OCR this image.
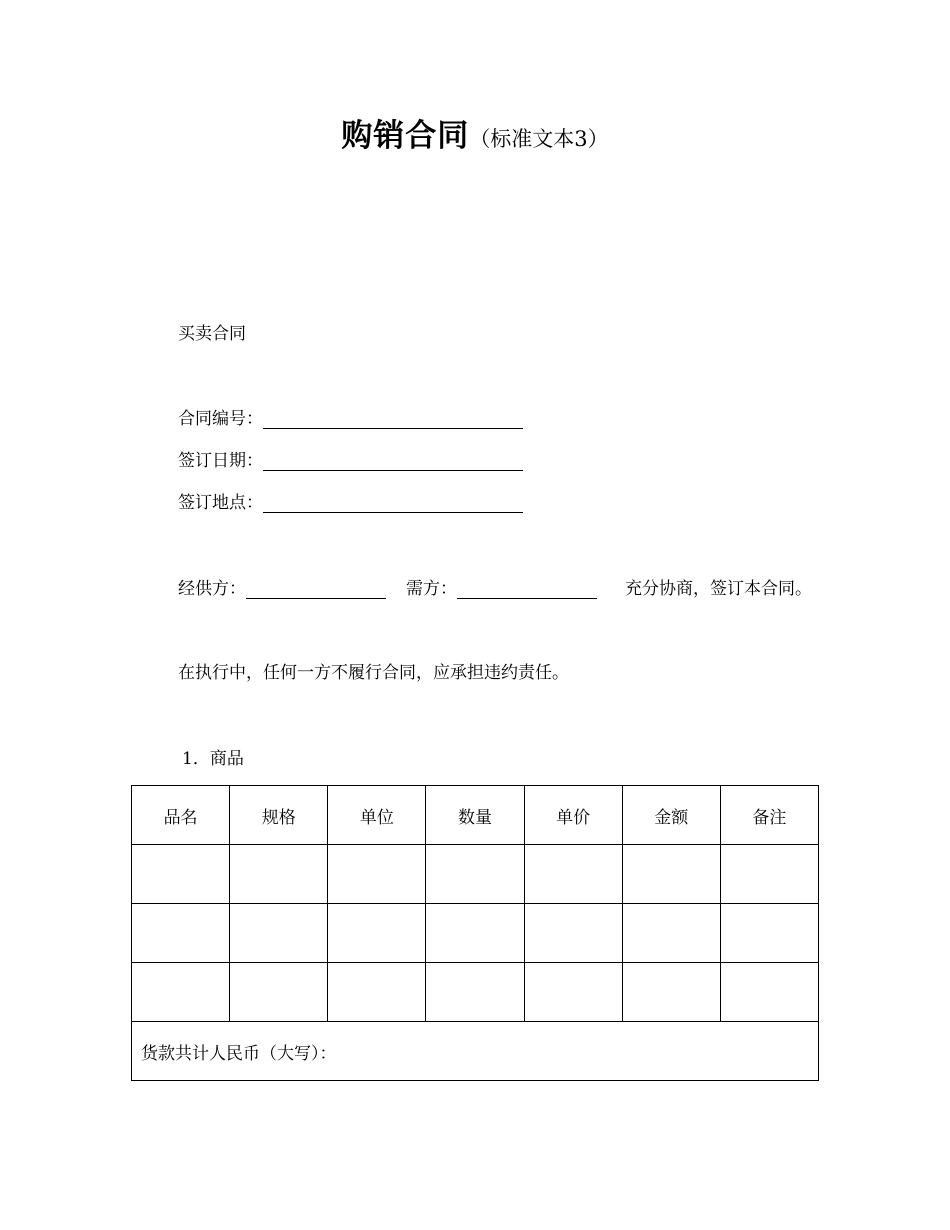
购销合同（标准文本3）
买卖合同
合同编号：
签订日期：
签订地点：
经供方：	需方：	充分协商，签订本合同。
在执行中，任何一方不履行合同，应承担违约责任。
1．商品
品名	规格	单位	数量	单价	金额	备注

货款共计人民币（大写）：						
